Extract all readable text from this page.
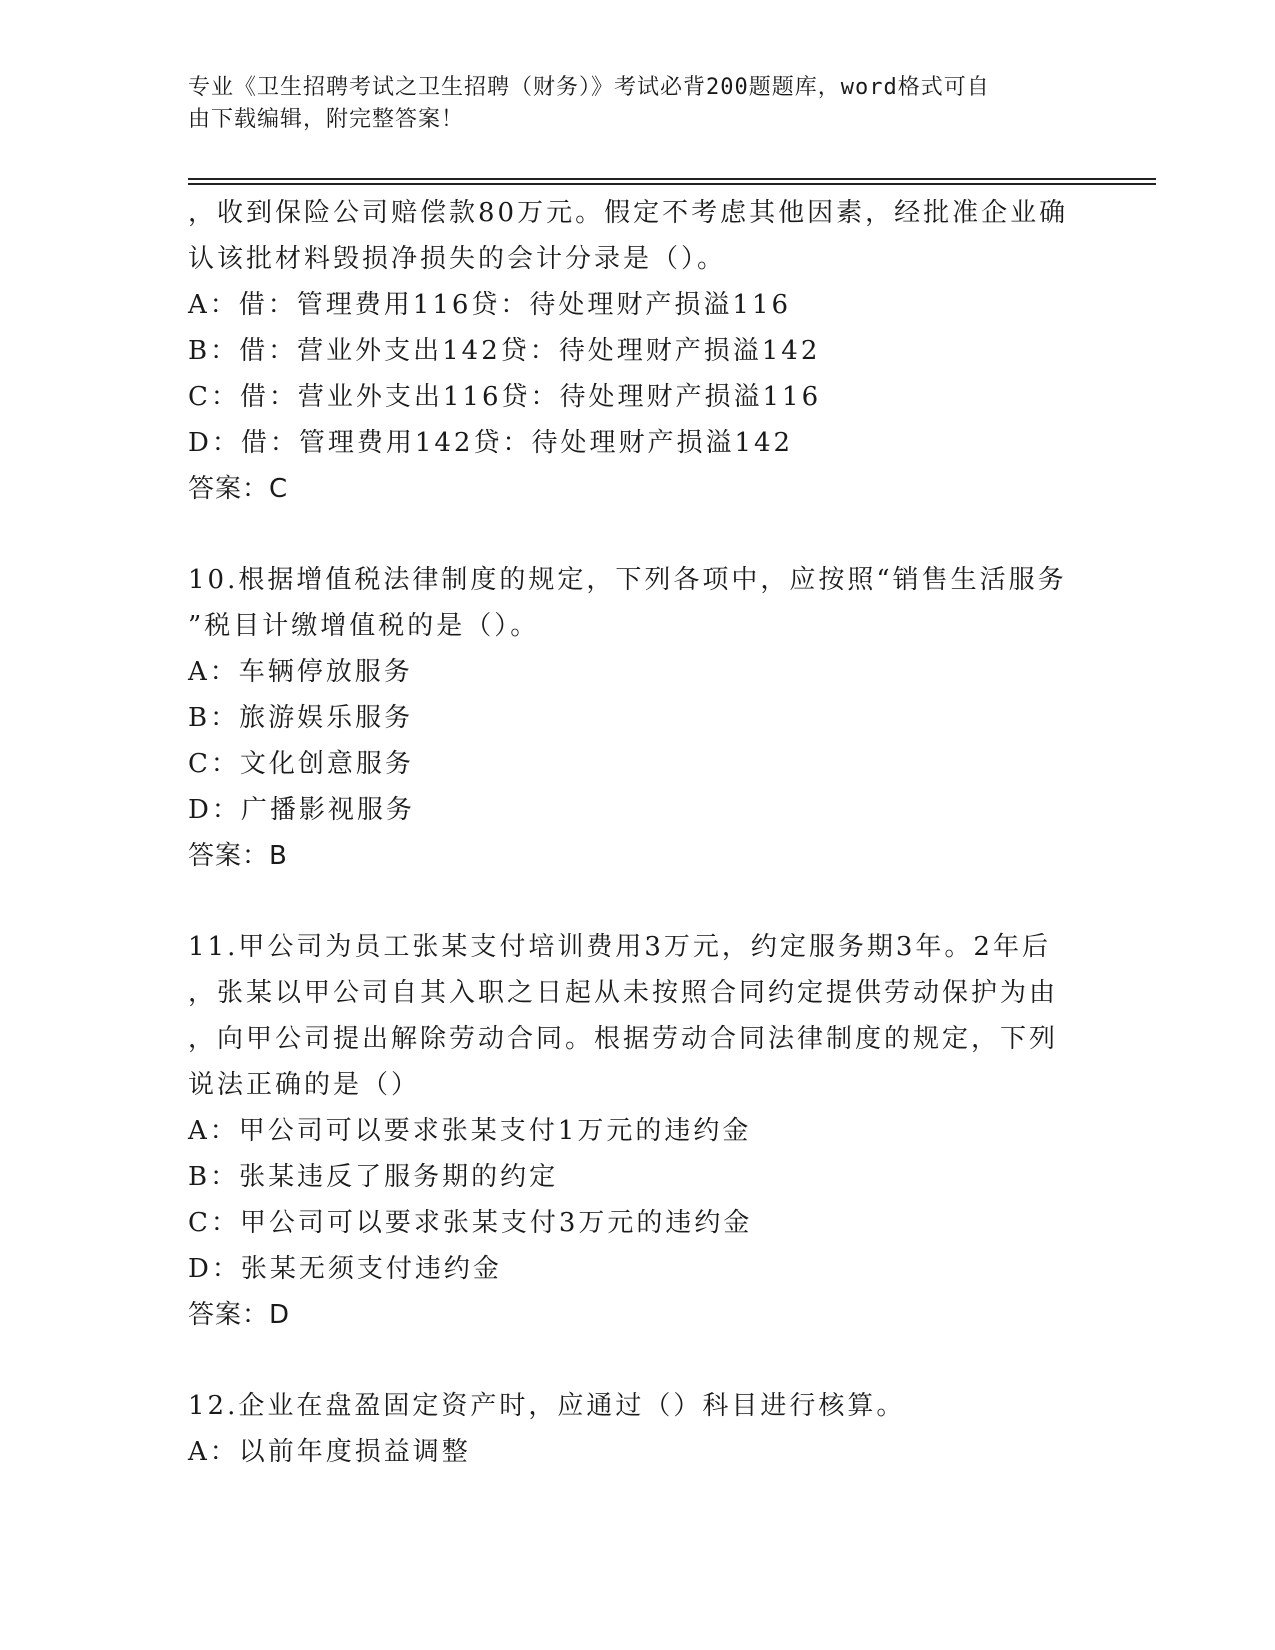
专业《卫生招聘考试之卫生招聘（财务）》考试必背200题题库，word格式可自
由下载编辑，附完整答案！
，收到保险公司赔偿款80万元。假定不考虑其他因素，经批准企业确
认该批材料毁损净损失的会计分录是（）。
A：借：管理费用116贷：待处理财产损溢116
B：借：营业外支出142贷：待处理财产损溢142
C：借：营业外支出116贷：待处理财产损溢116
D：借：管理费用142贷：待处理财产损溢142
答案：C
10.根据增值税法律制度的规定，下列各项中，应按照“销售生活服务
”税目计缴增值税的是（）。
A：车辆停放服务
B：旅游娱乐服务
C：文化创意服务
D：广播影视服务
答案：B
11.甲公司为员工张某支付培训费用3万元，约定服务期3年。2年后
，张某以甲公司自其入职之日起从未按照合同约定提供劳动保护为由
，向甲公司提出解除劳动合同。根据劳动合同法律制度的规定，下列
说法正确的是（）
A：甲公司可以要求张某支付1万元的违约金
B：张某违反了服务期的约定
C：甲公司可以要求张某支付3万元的违约金
D：张某无须支付违约金
答案：D
12.企业在盘盈固定资产时，应通过（）科目进行核算。
A：以前年度损益调整
